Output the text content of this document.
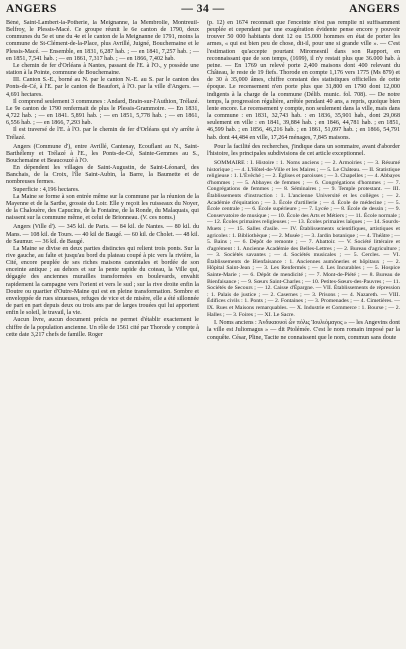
ANGERS	— 34 —	ANGERS

Béné, Saint-Lambert-la-Potherie, la Meignanne, la Membrolle, Montreuil-Belfroy, le Plessis-Macé. Ce groupe réunit le 6e canton de 1790, deux communes du 5e et une du 4e et le canton de la Meignanne de 1791, moins la commune de St-Clément-de-la-Place, plus Avrillé, Juigné, Bouchemaine et le Plessis-Macé. — Ensemble, en 1831, 6,287 hab. ; — en 1841, 7,257 hab. ; — en 1851, 7,541 hab. ; — en 1861, 7,317 hab. ; — en 1866, 7,402 hab.

Le chemin de fer d'Orléans à Nantes, passant de l'E. à l'O., y possède une station à la Pointe, commune de Bouchemaine.

III. Canton S.-E., borné au N. par le canton N.-E. au S. par le canton des Ponts-de-Cé, à l'E. par le canton de Beaufort, à l'O. par la ville d'Angers. — 4,691 hectares.

Il comprend seulement 3 communes : Andard, Brain-sur-l'Authion, Trélazé. Le 9e canton de 1790 renfermait de plus le Plessis-Grammoire. — En 1831, 4,722 hab. ; — en 1841. 5,891 hab. ; — en 1851, 5,778 hab. ; — en 1861, 6,556 hab. ; — en 1866, 7,293 hab.

Il est traversé de l'E. à l'O. par le chemin de fer d'Orléans qui s'y arrête à Trélazé.

Angers (Commune d'), entre Avrillé, Cantenay, Ecouflant au N., Saint-Barthélemy et Trélazé à l'E., les Ponts-de-Cé, Sainte-Gemmes au S., Bouchemaine et Beaucouzé à l'O.

En dépendent les villages de Saint-Augustin, de Saint-Léonard, des Banchais, de la Croix, l'île Saint-Aubin, la Barre, la Baumette et de nombreuses fermes.

Superficie : 4,196 hectares.

La Maine se forme à son entrée même sur la commune par la réunion de la Mayenne et de la Sarthe, grossie du Loir. Elle y reçoit les ruisseaux du Noyer, de la Chalouère, des Capucins, de la Fontaine, de la Ronde, du Malaquais, qui naissent sur la commune même, et celui de Brionneau. (V. ces noms.)

Angers (Ville d'). — 345 kil. de Paris. — 84 kil. de Nantes. — 80 kil. du Mans. — 108 kil. de Tours. — 40 kil de Baugé. — 60 kil. de Cholet. — 48 kil. de Saumur. — 36 kil. de Baugé.

La Maine se divise en deux parties distinctes qui relient trois ponts. Sur la rive gauche, au faîte et jusqu'au bord du plateau coupé à pic vers la rivière, la Cité, encore peuplée de ses riches maisons canoniales et bordée de son enceinte antique ; au dehors et sur la pente rapide du coteau, la Ville qui, dégagée des anciennes murailles transformées en boulevards, envahit rapidement la campagne vers l'orient et vers le sud ; sur la rive droite enfin la Doutre ou quartier d'Outre-Maine qui est en pleine transformation. Sombre et enveloppée de rues sinueuses, refuges de vice et de misère, elle a été sillonnée de part en part depuis deux ou trois ans par de larges trouées qui lui apportent enfin le soleil, le travail, la vie.

Aucun livre, aucun document précis ne permet d'établir exactement le chiffre de la population ancienne. Un rôle de 1561 cité par Thorode y compte à cette date 3,217 chefs de famille. Roger

(p. 12) en 1674 reconnaît que l'enceinte n'est pas remplie ni suffisamment peuplée et cependant par une exagération évidente pense encore y pouvoir trouver 50 000 habitants dont 12 ou 15.000 hommes en état de porter les armes, « qui est bien peu de chose, dit-il, pour une si grande ville ». — C'est l'estimation qu'accepte pourtant Miromesnil dans son Rapport, en reconnaissant que de son temps, (1699), il n'y restait plus que 36.000 hab. à peine. — En 1769 un relevé porte 2,400 maisons dont 400 relevant du Château, le reste de 19 fiefs. Thorode en compte 1,176 vers 1775 (Ms 879) et de 30 à 35,000 âmes, chiffre constant des statistiques officielles de cette époque. Le recensement n'en porte plus que 31,800 en 1790 dont 12,000 indigents à la charge de la commune (Délib. munic. fol. 708). — De notre temps, la progression régulière, arrêtée pendant 40 ans, a repris, quoique bien lente encore. Le recensement y compte, non seulement dans la ville, mais dans la commune : en 1831, 32,743 hab. : en 1836, 35,901 hab., dont 29,068 seulement en ville : en 1841, 39,884 hab. ; en 1846, 44,781 hab. ; en 1851, 46,599 hab. ; en 1856, 46,216 hab. ; en 1861, 51,097 hab. ; en 1866, 54,791 hab. dont 44,484 en ville, 17,264 ménages, 7,845 maisons.

Pour la facilité des recherches, j'indique dans un sommaire, avant d'aborder l'histoire, les principales subdivisions de cet article exceptionnel.

SOMMAIRE : I. Histoire : 1. Noms anciens ; — 2. Armoiries ; — 3. Résumé historique ; — 4. L'Hôtel-de-Ville et les Maires ; — 5. Le Château. — II. Statistique religieuse : 1. L'Évêché ; — 2. Églises et paroisses ; — 3. Chapelles ; — 4. Abbayes d'hommes ; — 5. Abbayes de femmes ; — 6. Congrégations d'hommes ; — 7. Congrégations de femmes ; — 8. Séminaires ; — 9. Temple protestant. — III. Établissements d'instruction : 1. L'ancienne Université et les collèges ; — 2. Académie d'équitation ; — 3. École d'artillerie ; — 4. École de médecine ; — 5. École centrale ; — 6. École supérieure ; — 7. Lycée ; — 8. École de dessin ; — 9. Conservatoire de musique ; — 10. École des Arts et Métiers ; — 11. École normale ; — 12. Écoles primaires religieuses ; — 13. Écoles primaires laïques ; — 14. Sourds-Muets ; — 15. Salles d'asile. — IV. Établissements scientifiques, artistiques et agricoles : 1. Bibliothèque ; — 2. Musée ; — 3. Jardin botanique ; — 4. Théâtre ; — 5. Bains ; — 6. Dépôt de remonte ; — 7. Abattoir. — V. Société littéraire et d'agrément : 1. Ancienne Académie des Belles-Lettres ; — 2. Bureau d'agriculture ; — 3. Sociétés savantes ; — 4. Sociétés musicales ; — 5. Cercles. — VI. Établissements de Bienfaisance : 1. Anciennes aumôneries et hôpitaux ; — 2. Hôpital Saint-Jean ; — 3. Les Renfermés ; — 4. Les Incurables ; — 5. Hospice Sainte-Marie ; — 6. Dépôt de mendicité ; — 7. Mont-de-Piété ; — 8. Bureau de Bienfaisance ; — 9. Sœurs Saint-Charles ; — 10. Petites-Sœurs-des-Pauvres ; — 11. Sociétés de Secours ; — 12. Caisse d'Épargne. — VII. Établissements de répression : 1. Palais de justice ; — 2. Casernes ; — 3. Prisons ; — 4. Nazareth. — VIII. Édifices civils : 1. Ponts ; — 2. Fontaines ; — 3. Promenades ; — 4. Cimetières. — IX. Rues et Maisons remarquables. — X. Industrie et Commerce : 1. Bourse ; — 2. Halles ; — 3. Foires ; — XI. Le Sacre.

I. Noms anciens : Ἀνδικαουοὶ ὧν πόλις Ἰουλιόμαγος » — les Angevins dont la ville est Juliomagus » — dit Ptolémée. C'est le nom romain imposé par la conquête. César, Pline, Tacite ne connaissent que le nom, commun sans doute
